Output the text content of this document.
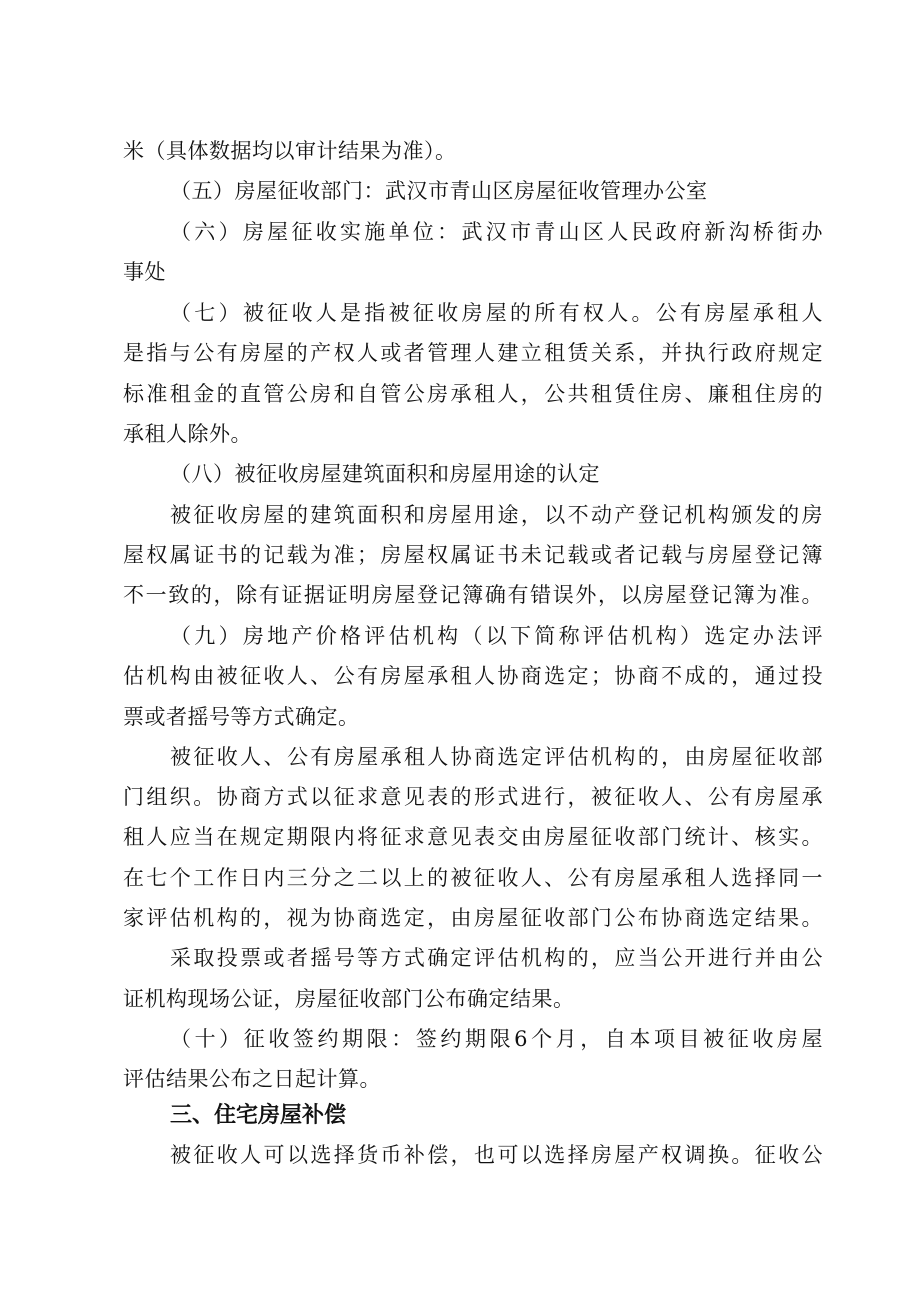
米（具体数据均以审计结果为准）。
（五）房屋征收部门：武汉市青山区房屋征收管理办公室
（六）房屋征收实施单位：武汉市青山区人民政府新沟桥街办
事处
（七）被征收人是指被征收房屋的所有权人。公有房屋承租人
是指与公有房屋的产权人或者管理人建立租赁关系，并执行政府规定
标准租金的直管公房和自管公房承租人，公共租赁住房、廉租住房的
承租人除外。
（八）被征收房屋建筑面积和房屋用途的认定
被征收房屋的建筑面积和房屋用途，以不动产登记机构颁发的房
屋权属证书的记载为准；房屋权属证书未记载或者记载与房屋登记簿
不一致的，除有证据证明房屋登记簿确有错误外，以房屋登记簿为准。
（九）房地产价格评估机构（以下简称评估机构）选定办法评
估机构由被征收人、公有房屋承租人协商选定；协商不成的，通过投
票或者摇号等方式确定。
被征收人、公有房屋承租人协商选定评估机构的，由房屋征收部
门组织。协商方式以征求意见表的形式进行，被征收人、公有房屋承
租人应当在规定期限内将征求意见表交由房屋征收部门统计、核实。
在七个工作日内三分之二以上的被征收人、公有房屋承租人选择同一
家评估机构的，视为协商选定，由房屋征收部门公布协商选定结果。
采取投票或者摇号等方式确定评估机构的，应当公开进行并由公
证机构现场公证，房屋征收部门公布确定结果。
（十）征收签约期限：签约期限6个月，自本项目被征收房屋
评估结果公布之日起计算。
三、住宅房屋补偿
被征收人可以选择货币补偿，也可以选择房屋产权调换。征收公
